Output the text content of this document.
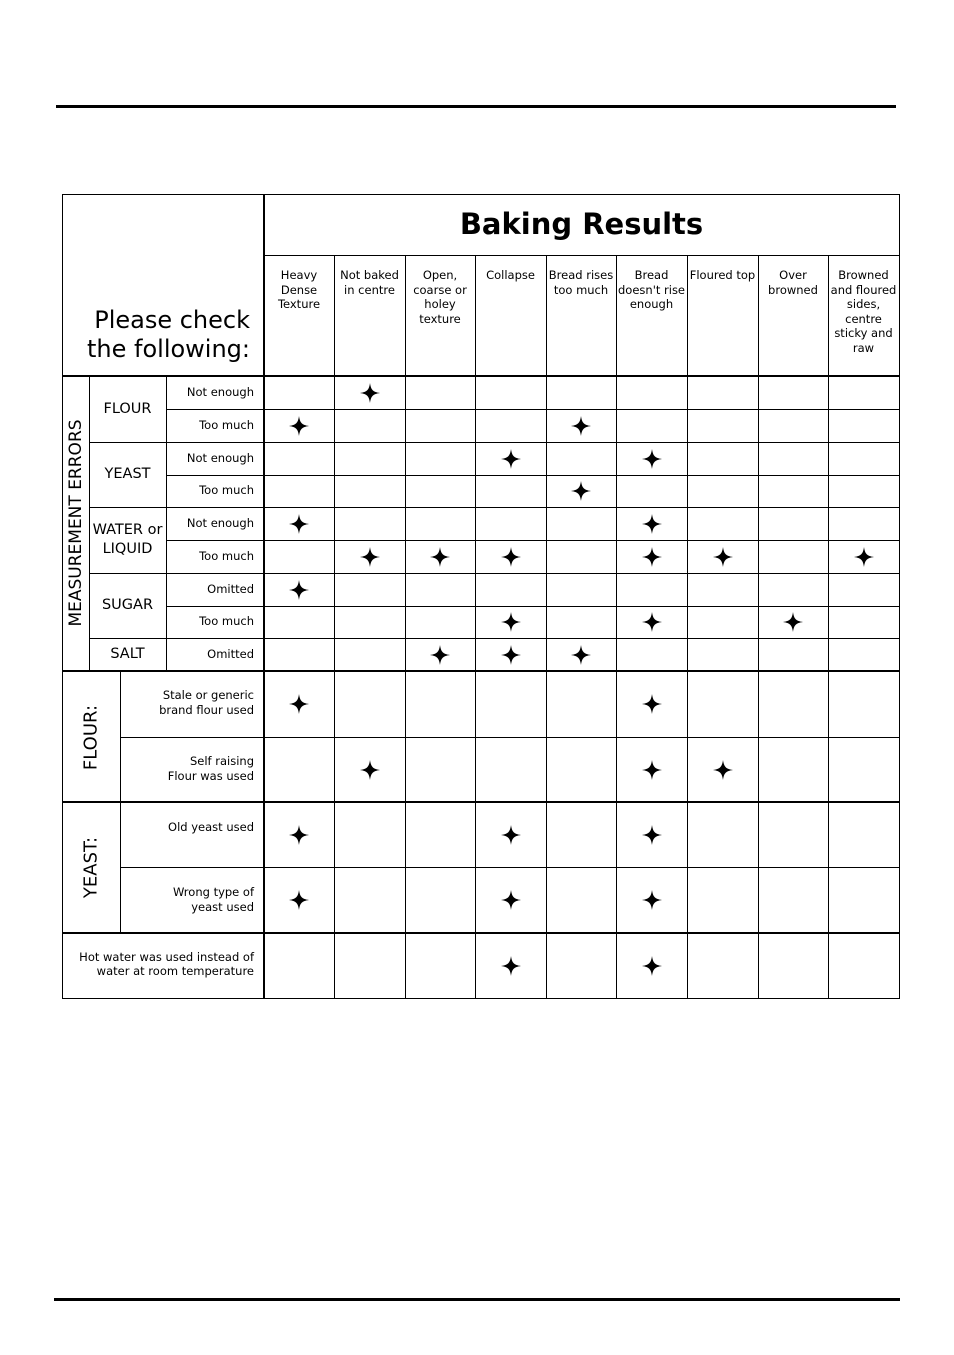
Baking Results
Please check the following:
Heavy Dense Texture
Not baked in centre
Open, coarse or holey texture
Collapse	Bread rises too much
Bread doesn't rise enough
Floured top	Over browned
Browned and floured sides, centre sticky and raw
MEASUREMENT ERRORS
FLOUR:
YEAST:
FLOUR
YEAST
WATER or LIQUID
SUGAR
SALT
Not enough
Too much
Not enough
Too much
Not enough
Too much
Omitted
Too much
Omitted
Stale or generic brand flour used
Self raising Flour was used
Old yeast used
Wrong type of yeast used
Hot water was used instead of water at room temperature
